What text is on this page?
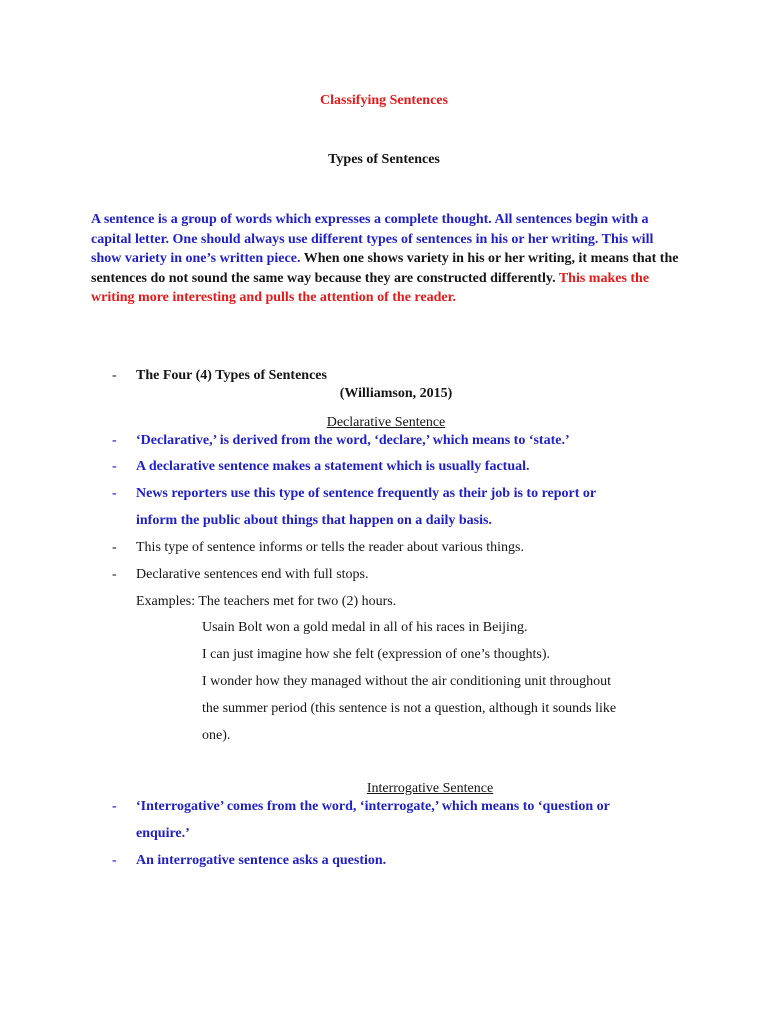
Classifying Sentences
Types of Sentences

A sentence is a group of words which expresses a complete thought. All sentences begin with a capital letter. One should always use different types of sentences in his or her writing. This will show variety in one’s written piece. When one shows variety in his or her writing, it means that the sentences do not sound the same way because they are constructed differently. This makes the writing more interesting and pulls the attention of the reader.

- The Four (4) Types of Sentences
(Williamson, 2015)
Declarative Sentence
- ‘Declarative,’ is derived from the word, ‘declare,’ which means to ‘state.’
- A declarative sentence makes a statement which is usually factual.
- News reporters use this type of sentence frequently as their job is to report or
inform the public about things that happen on a daily basis.
- This type of sentence informs or tells the reader about various things.
- Declarative sentences end with full stops.
Examples: The teachers met for two (2) hours.
Usain Bolt won a gold medal in all of his races in Beijing.
I can just imagine how she felt (expression of one’s thoughts).
I wonder how they managed without the air conditioning unit throughout
the summer period (this sentence is not a question, although it sounds like
one).
Interrogative Sentence
- ‘Interrogative’ comes from the word, ‘interrogate,’ which means to ‘question or
enquire.’
- An interrogative sentence asks a question.
